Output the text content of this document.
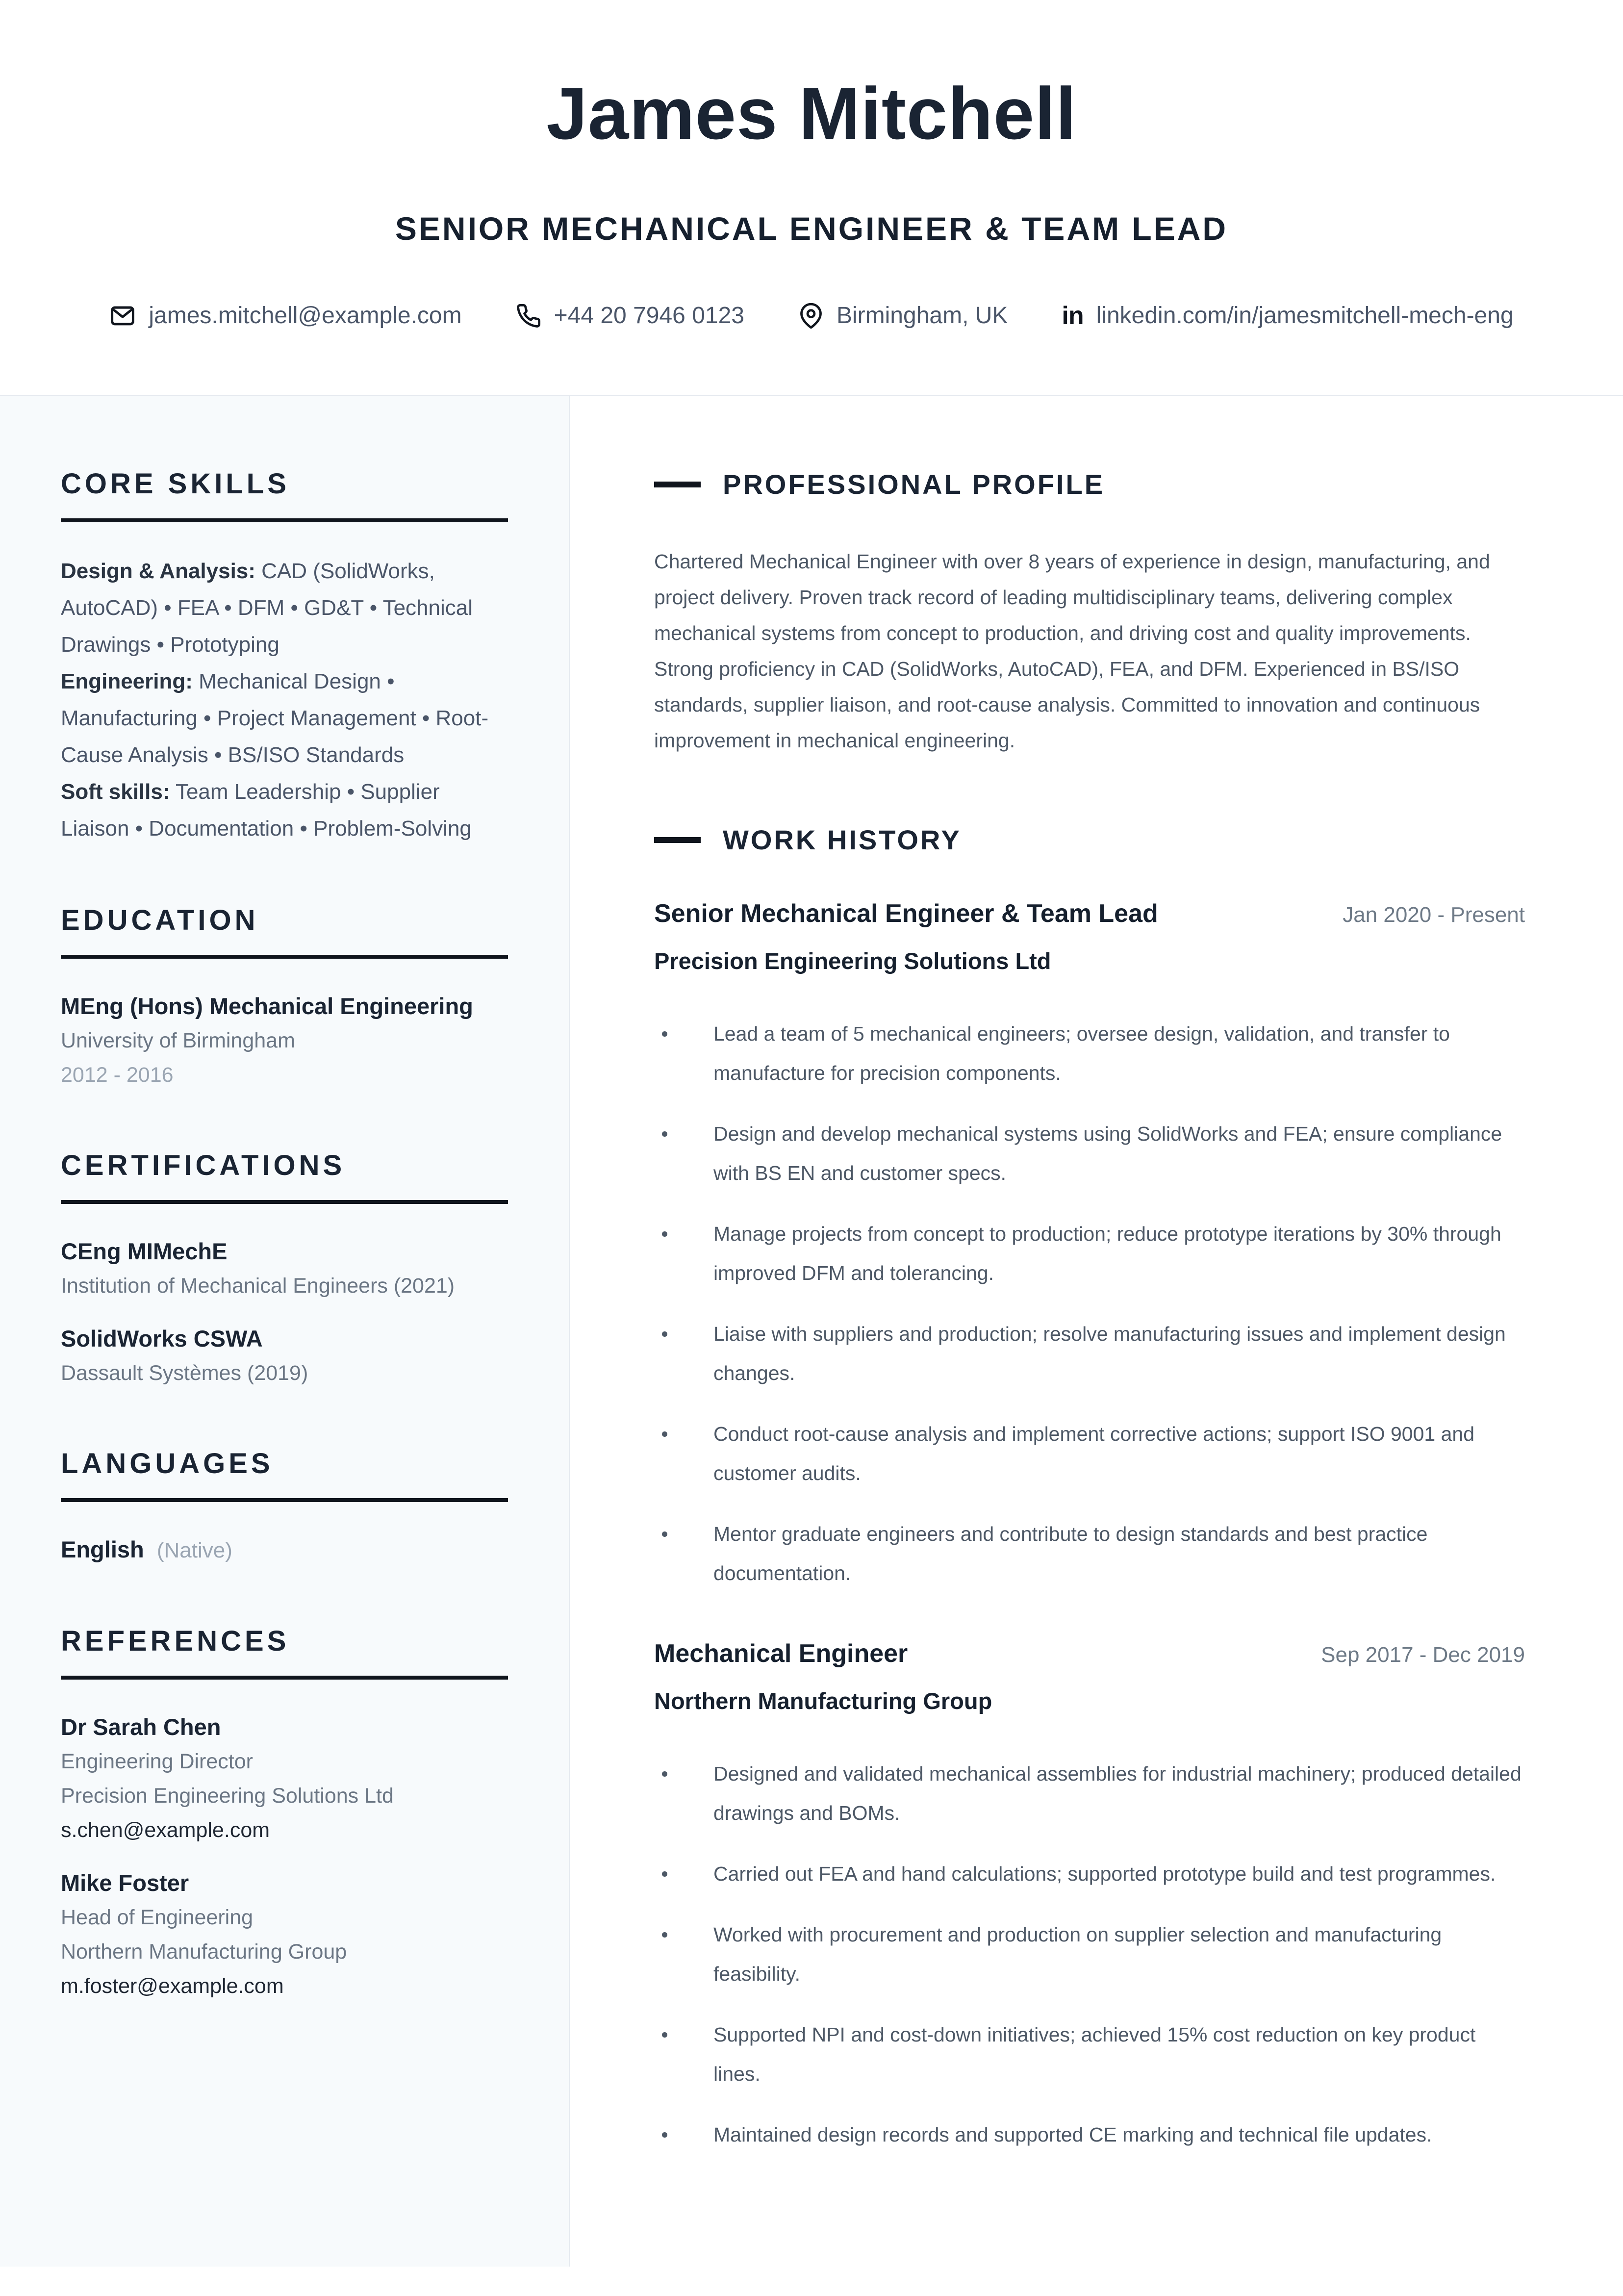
James Mitchell
SENIOR MECHANICAL ENGINEER & TEAM LEAD
james.mitchell@example.com	+44 20 7946 0123	Birmingham, UK in linkedin.com/in/jamesmitchell-mech-eng
CORE SKILLS

Design & Analysis: CAD (SolidWorks, AutoCAD) • FEA • DFM • GD&T • Technical Drawings • Prototyping

Engineering: Mechanical Design • Manufacturing • Project Management • Root-Cause Analysis • BS/ISO Standards

Soft skills: Team Leadership • Supplier Liaison • Documentation • Problem-Solving

EDUCATION
MEng (Hons) Mechanical Engineering
University of Birmingham
2012 - 2016
CERTIFICATIONS
CEng MIMechE
Institution of Mechanical Engineers (2021)
SolidWorks CSWA
Dassault Systèmes (2019)
LANGUAGES
English (Native)
REFERENCES
Dr Sarah Chen
Engineering Director
Precision Engineering Solutions Ltd
s.chen@example.com
Mike Foster
Head of Engineering
Northern Manufacturing Group
m.foster@example.com
PROFESSIONAL PROFILE

Chartered Mechanical Engineer with over 8 years of experience in design, manufacturing, and project delivery. Proven track record of leading multidisciplinary teams, delivering complex mechanical systems from concept to production, and driving cost and quality improvements. Strong proficiency in CAD (SolidWorks, AutoCAD), FEA, and DFM. Experienced in BS/ISO standards, supplier liaison, and root-cause analysis. Committed to innovation and continuous improvement in mechanical engineering.

WORK HISTORY
Senior Mechanical Engineer & Team Lead	Jan 2020 - Present
Precision Engineering Solutions Ltd
Lead a team of 5 mechanical engineers; oversee design, validation, and transfer to manufacture for precision components.
Design and develop mechanical systems using SolidWorks and FEA; ensure compliance with BS EN and customer specs.
Manage projects from concept to production; reduce prototype iterations by 30% through improved DFM and tolerancing.
Liaise with suppliers and production; resolve manufacturing issues and implement design changes.
Conduct root-cause analysis and implement corrective actions; support ISO 9001 and customer audits.
Mentor graduate engineers and contribute to design standards and best practice documentation.
Mechanical Engineer	Sep 2017 - Dec 2019
Northern Manufacturing Group
Designed and validated mechanical assemblies for industrial machinery; produced detailed drawings and BOMs.
Carried out FEA and hand calculations; supported prototype build and test programmes.
Worked with procurement and production on supplier selection and manufacturing feasibility.
Supported NPI and cost-down initiatives; achieved 15% cost reduction on key product lines.
Maintained design records and supported CE marking and technical file updates.
